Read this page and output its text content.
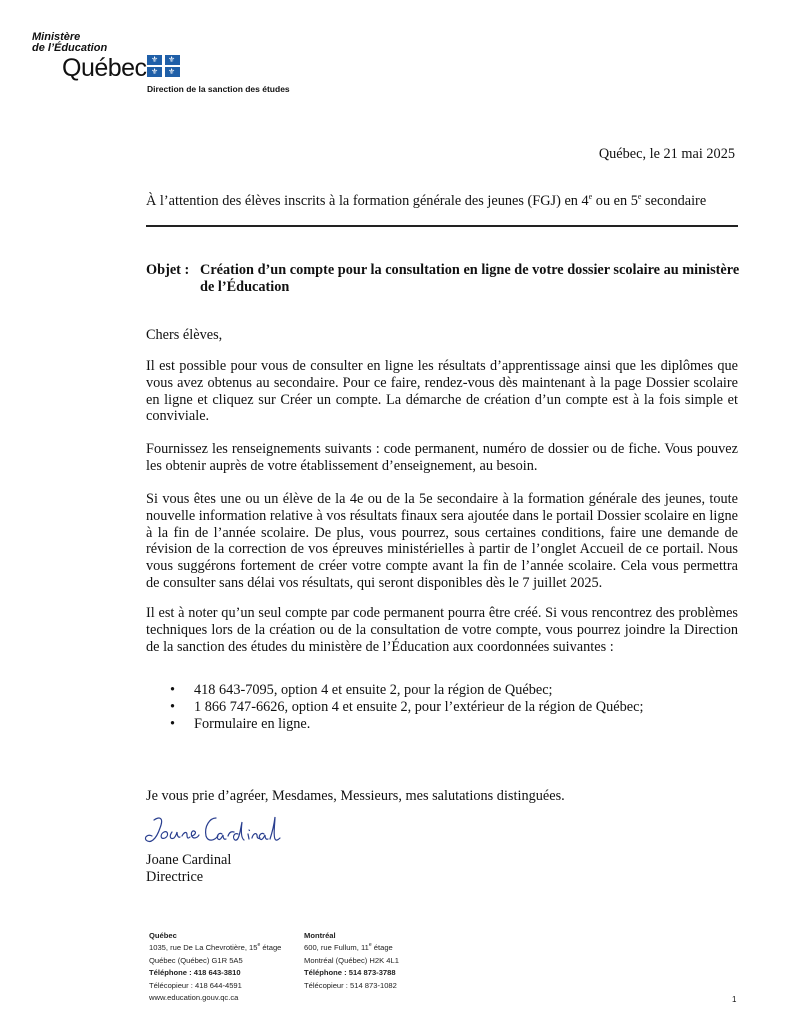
Ministère
de l’Éducation
Québec ⚜ ⚜
⚜ ⚜
Direction de la sanction des études
Québec, le 21 mai 2025
À l’attention des élèves inscrits à la formation générale des jeunes (FGJ) en 4e ou en 5e secondaire
Objet : Création d’un compte pour la consultation en ligne de votre dossier scolaire au ministère de l’Éducation
Chers élèves,
Il est possible pour vous de consulter en ligne les résultats d’apprentissage ainsi que les diplômes que vous avez obtenus au secondaire. Pour ce faire, rendez-vous dès maintenant à la page Dossier scolaire en ligne et cliquez sur Créer un compte. La démarche de création d’un compte est à la fois simple et conviviale.
Fournissez les renseignements suivants : code permanent, numéro de dossier ou de fiche. Vous pouvez les obtenir auprès de votre établissement d’enseignement, au besoin.
Si vous êtes une ou un élève de la 4e ou de la 5e secondaire à la formation générale des jeunes, toute nouvelle information relative à vos résultats finaux sera ajoutée dans le portail Dossier scolaire en ligne à la fin de l’année scolaire. De plus, vous pourrez, sous certaines conditions, faire une demande de révision de la correction de vos épreuves ministérielles à partir de l’onglet Accueil de ce portail. Nous vous suggérons fortement de créer votre compte avant la fin de l’année scolaire. Cela vous permettra de consulter sans délai vos résultats, qui seront disponibles dès le 7 juillet 2025.
Il est à noter qu’un seul compte par code permanent pourra être créé. Si vous rencontrez des problèmes techniques lors de la création ou de la consultation de votre compte, vous pourrez joindre la Direction de la sanction des études du ministère de l’Éducation aux coordonnées suivantes :
• 418 643-7095, option 4 et ensuite 2, pour la région de Québec;
• 1 866 747-6626, option 4 et ensuite 2, pour l’extérieur de la région de Québec;
• Formulaire en ligne.
Je vous prie d’agréer, Mesdames, Messieurs, mes salutations distinguées.
Joane Cardinal
Directrice
Québec
1035, rue De La Chevrotière, 15e étage
Québec (Québec) G1R 5A5
Téléphone : 418 643-3810
Télécopieur : 418 644-4591
www.education.gouv.qc.ca
Montréal
600, rue Fullum, 11e étage
Montréal (Québec) H2K 4L1
Téléphone : 514 873-3788
Télécopieur : 514 873-1082
1
